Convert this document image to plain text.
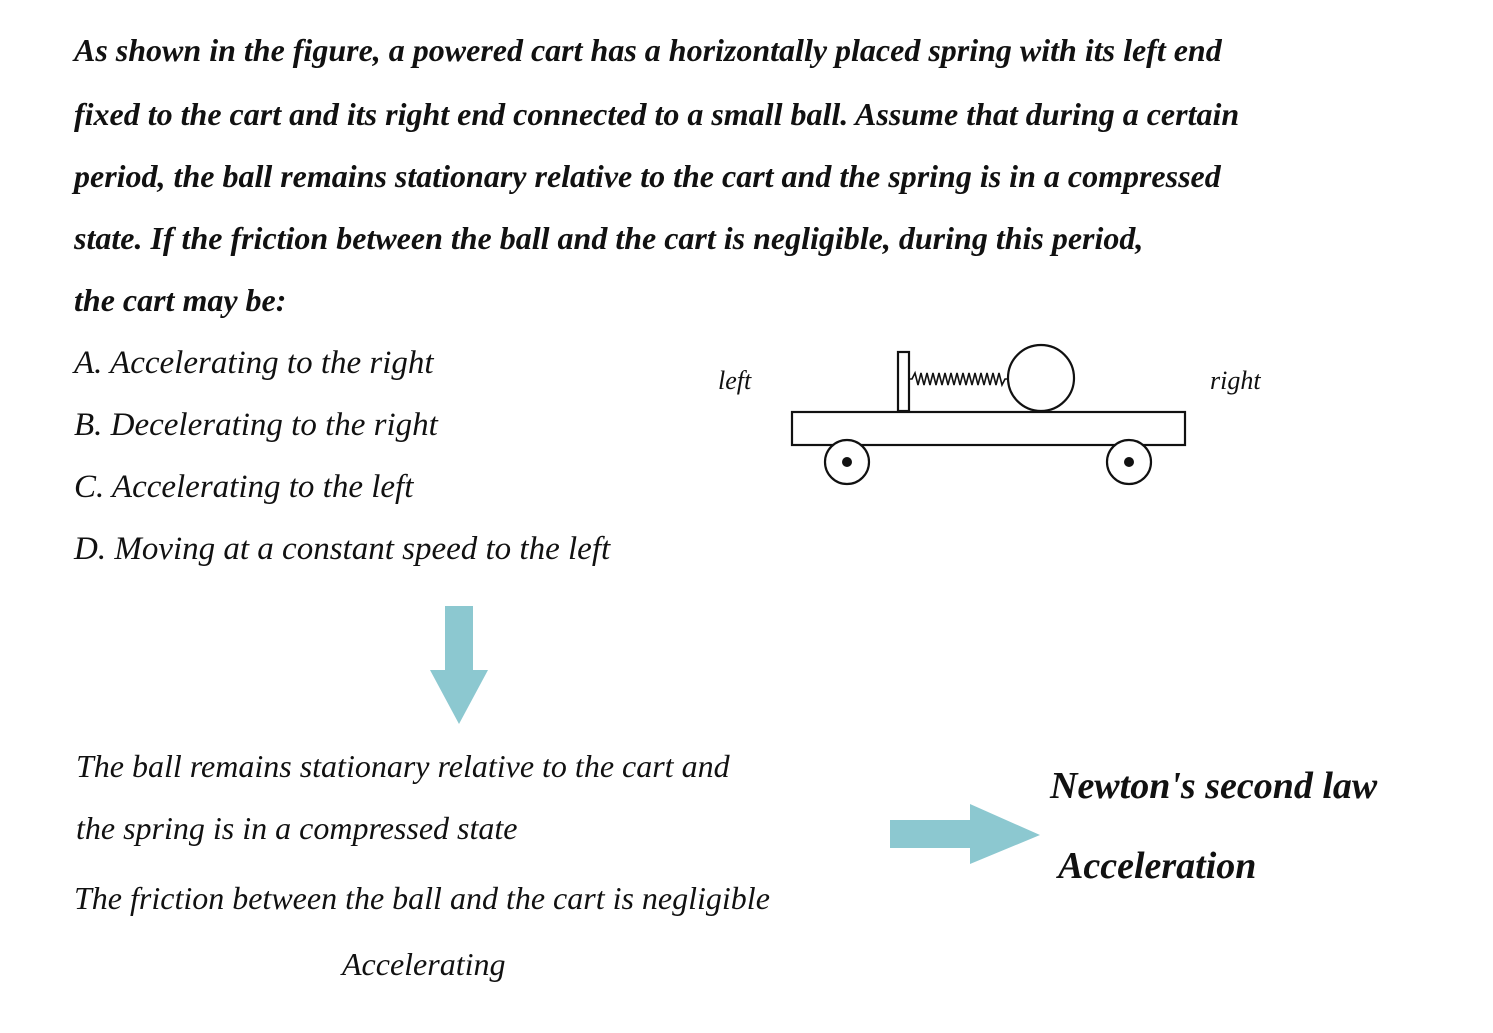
As shown in the figure, a powered cart has a horizontally placed spring with its left end
fixed to the cart and its right end connected to a small ball. Assume that during a certain
period, the ball remains stationary relative to the cart and the spring is in a compressed
state. If the friction between the ball and the cart is negligible, during this period,
the cart may be:
A. Accelerating to the right
B. Decelerating to the right
C. Accelerating to the left
D. Moving at a constant speed to the left
left	right
The ball remains stationary relative to the cart and
the spring is in a compressed state
The friction between the ball and the cart is negligible
Accelerating
Newton's second law
Acceleration
